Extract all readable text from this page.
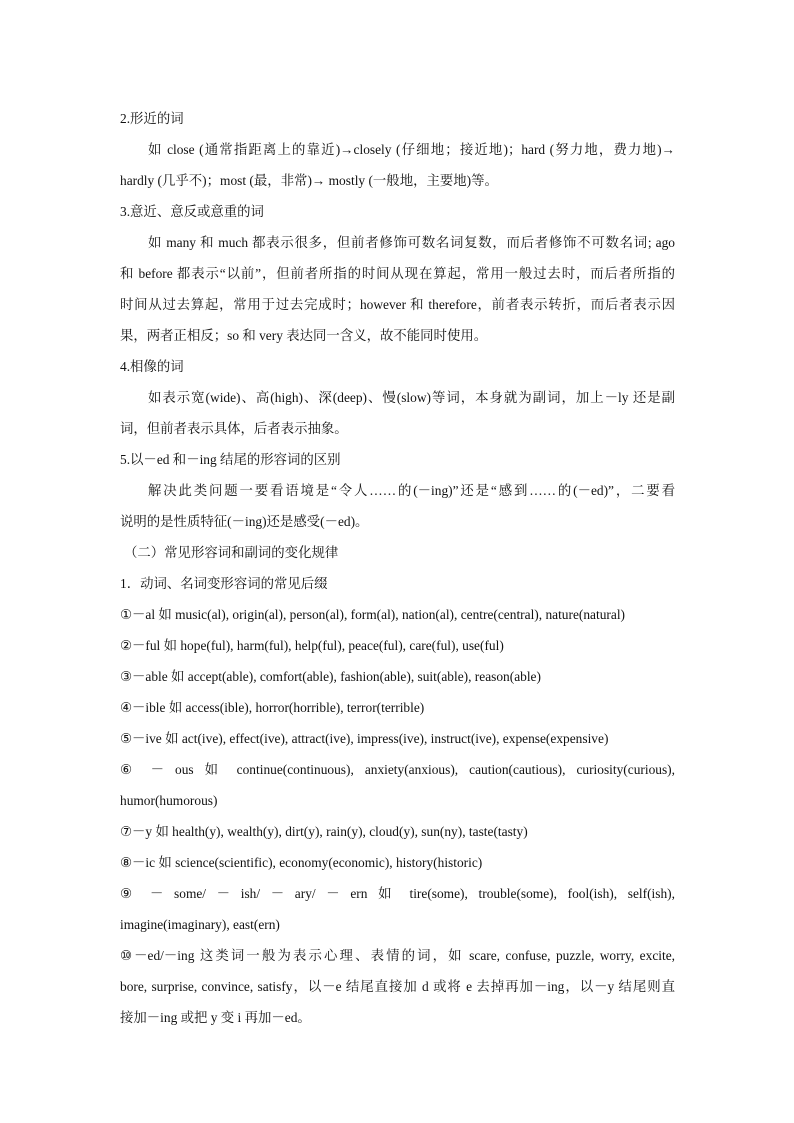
2.形近的词
如 close (通常指距离上的靠近)→closely (仔细地；接近地)；hard (努力地，费力地)→
hardly (几乎不)；most (最，非常)→ mostly (一般地，主要地)等。
3.意近、意反或意重的词
如 many 和 much 都表示很多，但前者修饰可数名词复数，而后者修饰不可数名词; ago
和 before 都表示“以前”，但前者所指的时间从现在算起，常用一般过去时，而后者所指的
时间从过去算起，常用于过去完成时；however 和 therefore，前者表示转折，而后者表示因
果，两者正相反；so 和 very 表达同一含义，故不能同时使用。
4.相像的词
如表示宽(wide)、高(high)、深(deep)、慢(slow)等词，本身就为副词，加上－ly 还是副
词，但前者表示具体，后者表示抽象。
5.以－ed 和－ing 结尾的形容词的区别
解决此类问题一要看语境是“令人……的(－ing)”还是“感到……的(－ed)”，二要看
说明的是性质特征(－ing)还是感受(－ed)。
（二）常见形容词和副词的变化规律
1．动词、名词变形容词的常见后缀
①－al 如 music(al), origin(al), person(al), form(al), nation(al), centre(central), nature(natural)
②－ful 如 hope(ful), harm(ful), help(ful), peace(ful), care(ful), use(ful)
③－able 如 accept(able), comfort(able), fashion(able), suit(able), reason(able)
④－ible 如 access(ible), horror(horrible), terror(terrible)
⑤－ive 如 act(ive), effect(ive), attract(ive), impress(ive), instruct(ive), expense(expensive)
⑥ － ous 如 continue(continuous), anxiety(anxious), caution(cautious), curiosity(curious),
humor(humorous)
⑦－y 如 health(y), wealth(y), dirt(y), rain(y), cloud(y), sun(ny), taste(tasty)
⑧－ic 如 science(scientific), economy(economic), history(historic)
⑨ － some/ － ish/ － ary/ － ern 如 tire(some), trouble(some), fool(ish), self(ish),
imagine(imaginary), east(ern)
⑩－ed/－ing 这类词一般为表示心理、表情的词，如 scare, confuse, puzzle, worry, excite,
bore, surprise, convince, satisfy，以－e 结尾直接加 d 或将 e 去掉再加－ing，以－y 结尾则直
接加－ing 或把 y 变 i 再加－ed。
